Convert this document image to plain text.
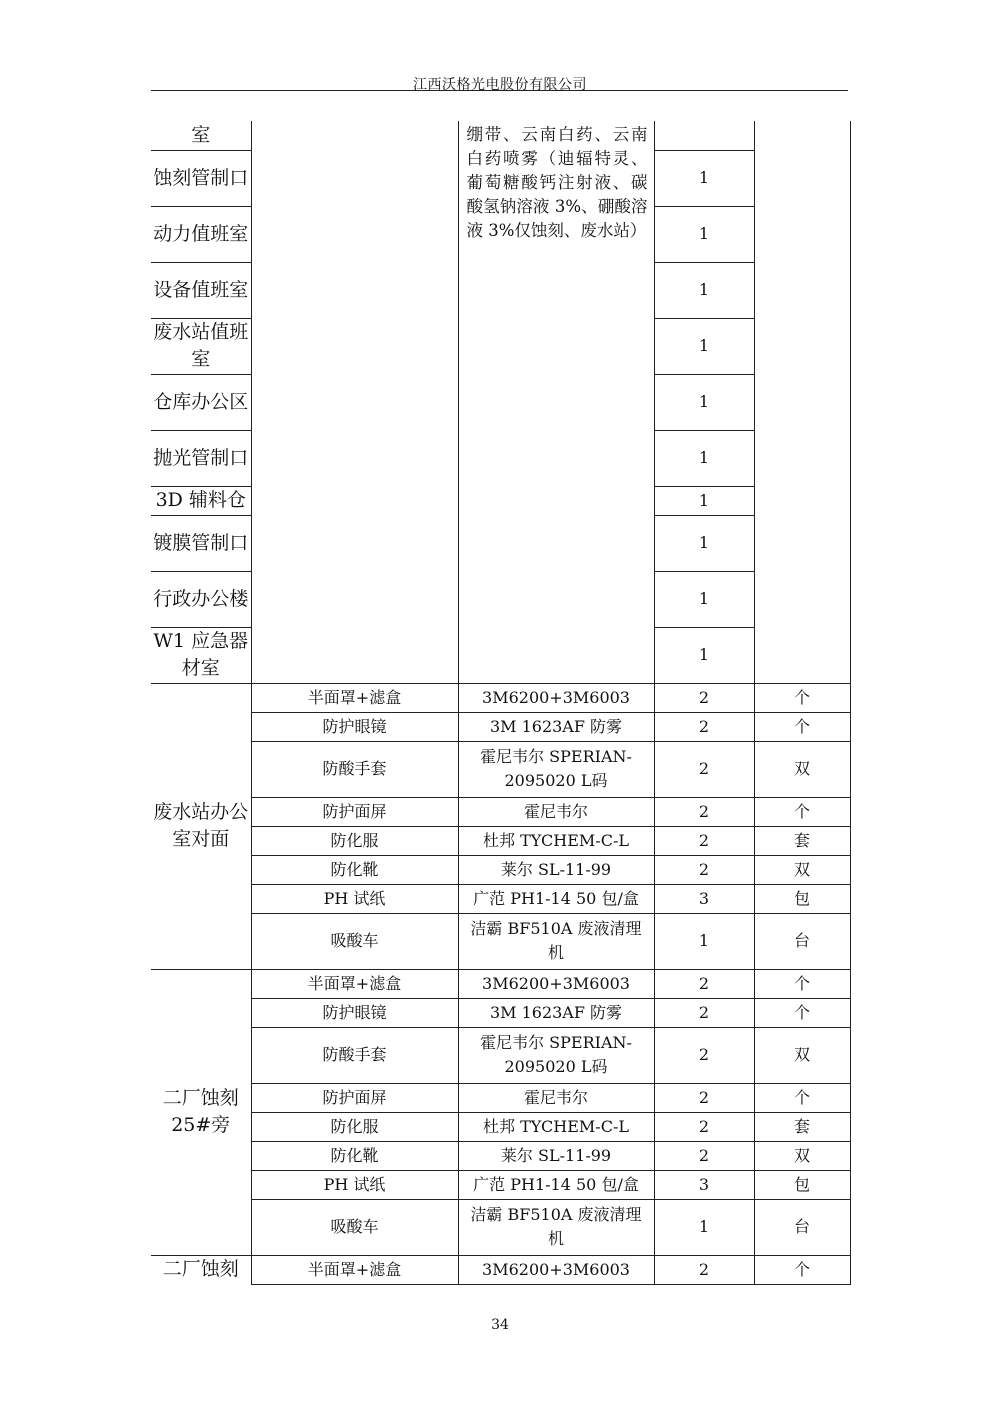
江西沃格光电股份有限公司
室		绷带、云南白药、云南白药喷雾（迪辐特灵、葡萄糖酸钙注射液、碳酸氢钠溶液 3%、硼酸溶液 3%仅蚀刻、废水站）		

蚀刻管制口			1	
动力值班室			1	
设备值班室			1	
废水站值班室			1	
仓库办公区			1	
抛光管制口			1	
3D 辅料仓			1	
镀膜管制口			1	
行政办公楼			1	
W1 应急器材室			1	
废水站办公室对面	半面罩+滤盒	3M6200+3M6003	2	个
	防护眼镜	3M 1623AF 防雾	2	个
	防酸手套	霍尼韦尔 SPERIAN-2095020 L码	2	双
	防护面屏	霍尼韦尔	2	个
	防化服	杜邦 TYCHEM-C-L	2	套
	防化靴	莱尔 SL-11-99	2	双
	PH 试纸	广范 PH1-14 50 包/盒	3	包
	吸酸车	洁霸 BF510A 废液清理机	1	台
二厂蚀刻 25#旁	半面罩+滤盒	3M6200+3M6003	2	个
	防护眼镜	3M 1623AF 防雾	2	个
	防酸手套	霍尼韦尔 SPERIAN-2095020 L码	2	双
	防护面屏	霍尼韦尔	2	个
	防化服	杜邦 TYCHEM-C-L	2	套
	防化靴	莱尔 SL-11-99	2	双
	PH 试纸	广范 PH1-14 50 包/盒	3	包
	吸酸车	洁霸 BF510A 废液清理机	1	台
二厂蚀刻	半面罩+滤盒	3M6200+3M6003	2	个
34
